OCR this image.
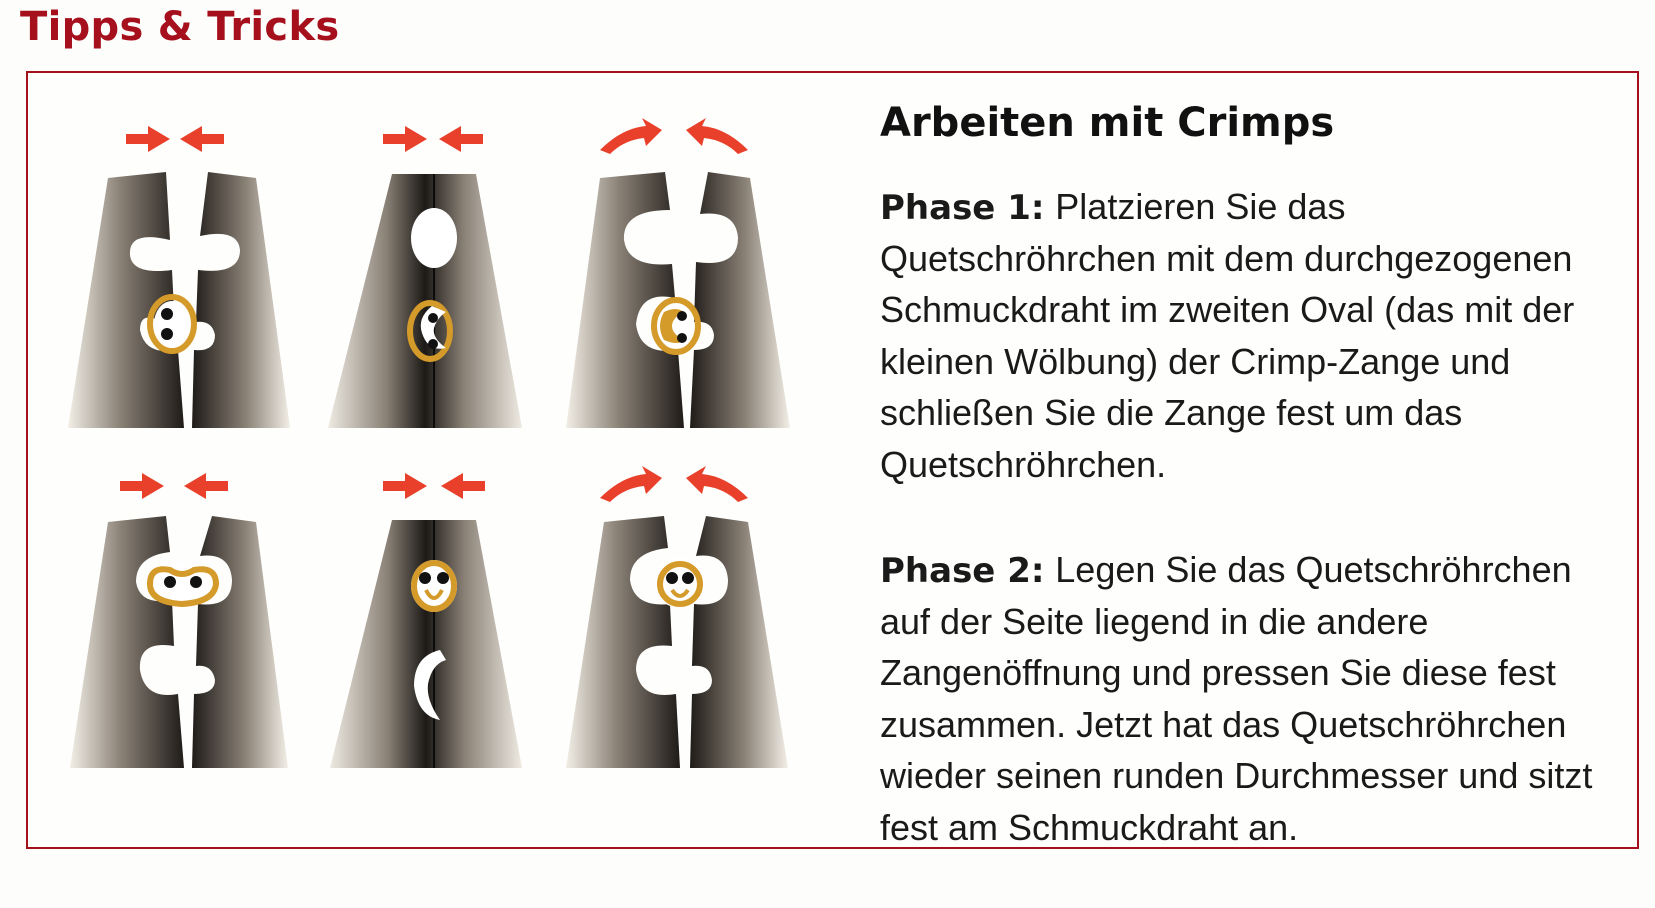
Tipps & Tricks
Arbeiten mit Crimps

Phase 1: Platzieren Sie das Quetschröhrchen mit dem durchgezogenen Schmuckdraht im zweiten Oval (das mit der kleinen Wölbung) der Crimp-Zange und schließen Sie die Zange fest um das Quetschröhrchen.

Phase 2: Legen Sie das Quetschröhrchen auf der Seite liegend in die andere Zangenöffnung und pressen Sie diese fest zusammen. Jetzt hat das Quetschröhrchen wieder seinen runden Durchmesser und sitzt fest am Schmuckdraht an.
